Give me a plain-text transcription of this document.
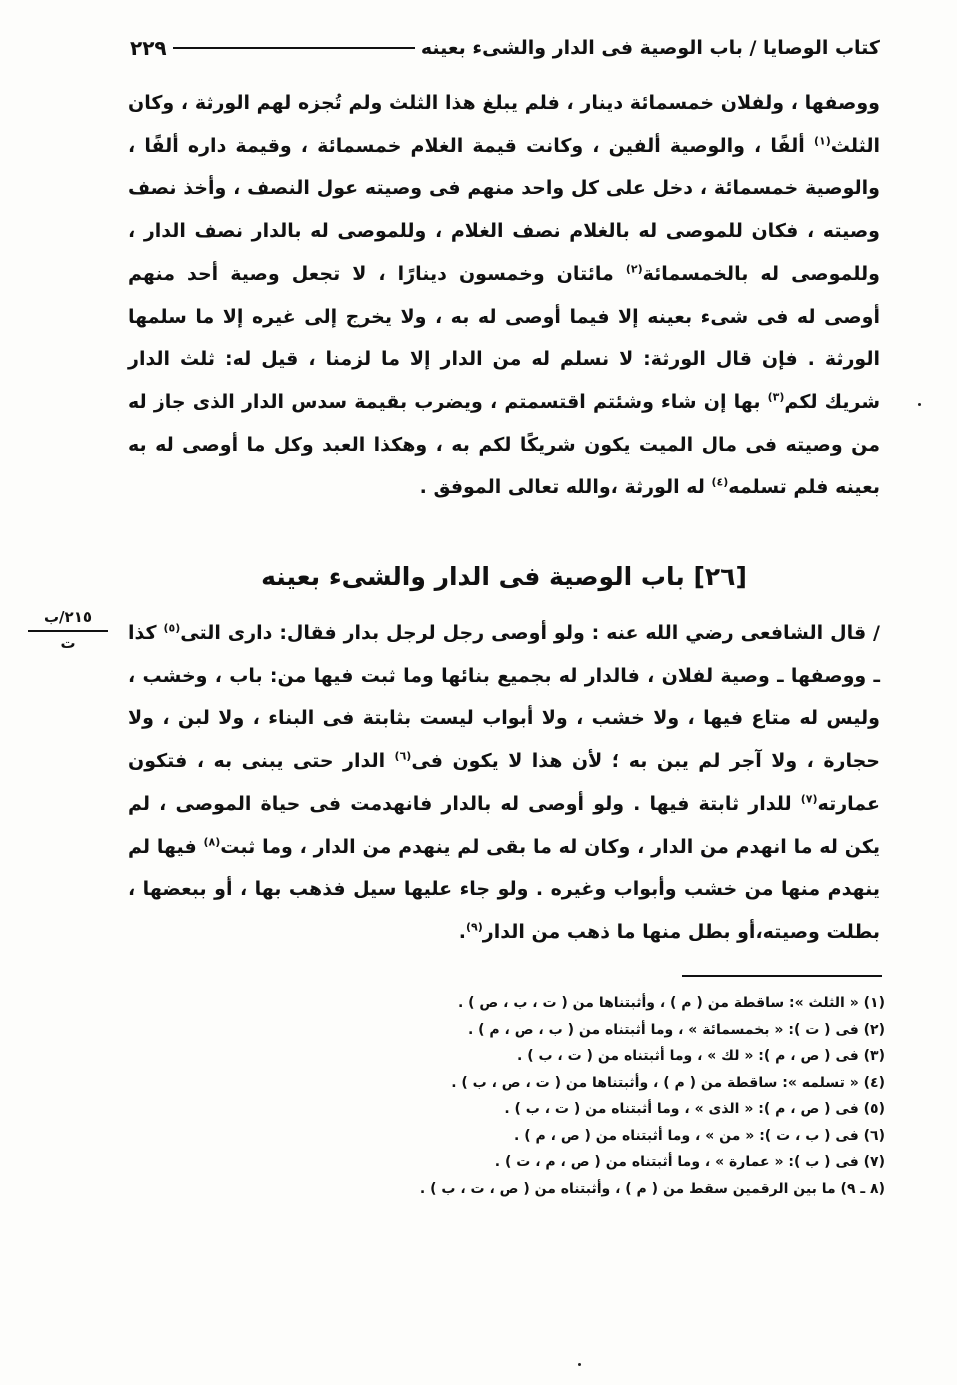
كتاب الوصايا / باب الوصية فى الدار والشىء بعينه
٢٢٩

ووصفها ، ولفلان خمسمائة دينار ، فلم يبلغ هذا الثلث ولم تُجزه لهم الورثة ، وكان الثلث$^{(١)}$ ألفًا ، والوصية ألفين ، وكانت قيمة الغلام خمسمائة ، وقيمة داره ألفًا ، والوصية خمسمائة ، دخل على كل واحد منهم فى وصيته عول النصف ، وأخذ نصف وصيته ، فكان للموصى له بالغلام نصف الغلام ، وللموصى له بالدار نصف الدار ، وللموصى له بالخمسمائة$^{(٢)}$ مائتان وخمسون دينارًا ، لا تجعل وصية أحد منهم أوصى له فى شىء بعينه إلا فيما أوصى له به ، ولا يخرج إلى غيره إلا ما سلمها الورثة . فإن قال الورثة: لا نسلم له من الدار إلا ما لزمنا ، قيل له: ثلث الدار شريك لكم$^{(٣)}$ بها إن شاء وشئتم اقتسمتم ، ويضرب بقيمة سدس الدار الذى جاز له من وصيته فى مال الميت يكون شريكًا لكم به ، وهكذا العبد وكل ما أوصى له به بعينه فلم تسلمه$^{(٤)}$ له الورثة ،والله تعالى الموفق .

[٢٦] باب الوصية فى الدار والشىء بعينه
٢١٥/ب
ت	/ قال الشافعى رضي الله عنه : ولو أوصى رجل لرجل بدار فقال: دارى التى$^{(٥)}$ كذا ـ ووصفها ـ وصية لفلان ، فالدار له بجميع بنائها وما ثبت فيها من: باب ، وخشب ، وليس له متاع فيها ، ولا خشب ، ولا أبواب ليست بثابتة فى البناء ، ولا لبن ، ولا حجارة ، ولا آجر لم يبن به ؛ لأن هذا لا يكون فى$^{(٦)}$ الدار حتى يبنى به ، فتكون عمارته$^{(٧)}$ للدار ثابتة فيها . ولو أوصى له بالدار فانهدمت فى حياة الموصى ، لم يكن له ما انهدم من الدار ، وكان له ما بقى لم ينهدم من الدار ، وما ثبت$^{(٨)}$ فيها لم ينهدم منها من خشب وأبواب وغيره . ولو جاء عليها سيل فذهب بها ، أو ببعضها ، بطلت وصيته،أو بطل منها ما ذهب من الدار$^{(٩)}$.

(١) « الثلث »: ساقطة من ( م ) ، وأثبتناها من ( ت ، ب ، ص ) .
(٢) فى ( ت ): « بخمسمائة » ، وما أثبتناه من ( ب ، ص ، م ) .
(٣) فى ( ص ، م ): « لك » ، وما أثبتناه من ( ت ، ب ) .
(٤) « تسلمه »: ساقطة من ( م ) ، وأثبتناها من ( ت ، ص ، ب ) .
(٥) فى ( ص ، م ): « الذى » ، وما أثبتناه من ( ت ، ب ) .
(٦) فى ( ب ، ت ): « من » ، وما أثبتناه من ( ص ، م ) .
(٧) فى ( ب ): « عمارة » ، وما أثبتناه من ( ص ، م ، ت ) .
(٨ ـ ٩) ما بين الرقمين سقط من ( م ) ، وأثبتناه من ( ص ، ت ، ب ) .
